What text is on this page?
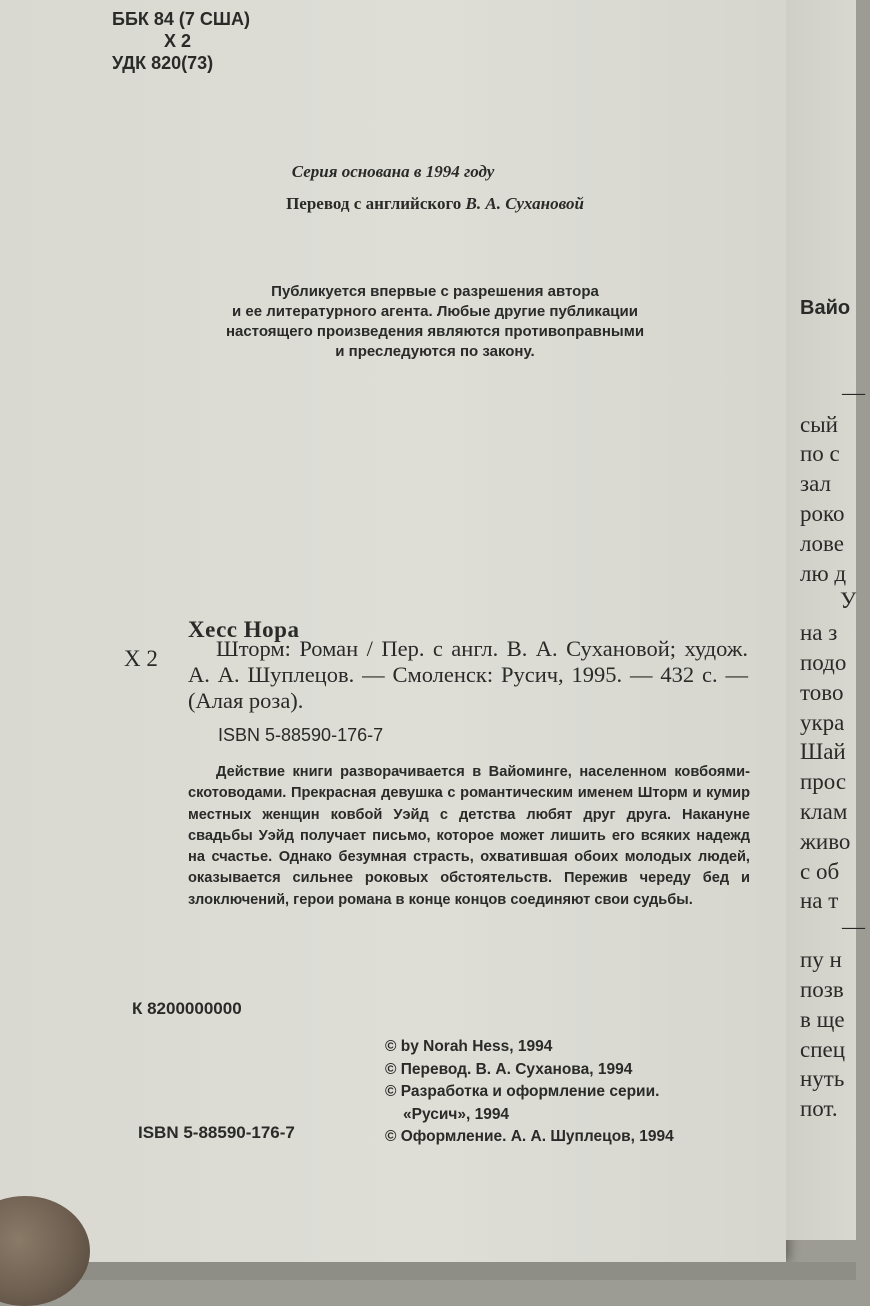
ББК 84 (7 США)
Х 2
УДК 820(73)
Серия основана в 1994 году
Перевод с английского В. А. Сухановой
Публикуется впервые с разрешения автора
и ее литературного агента. Любые другие публикации
настоящего произведения являются противоправными
и преследуются по закону.
Хесс Нора
Х 2	Шторм: Роман / Пер. с англ. В. А. Сухановой; худож. А. А. Шуплецов. — Смоленск: Русич, 1995. — 432 с. — (Алая роза).
ISBN 5-88590-176-7
Действие книги разворачивается в Вайоминге, населенном ковбоями-скотоводами. Прекрасная девушка с романтическим именем Шторм и кумир местных женщин ковбой Уэйд с детства любят друг друга. Накануне свадьбы Уэйд получает письмо, которое может лишить его всяких надежд на счастье. Однако безумная страсть, охватившая обоих молодых людей, оказывается сильнее роковых обстоятельств. Пережив череду бед и злоключений, герои романа в конце концов соединяют свои судьбы.
К 8200000000
© by Norah Hess, 1994
© Перевод. В. А. Суханова, 1994
© Разработка и оформление серии.
«Русич», 1994
© Оформление. А. А. Шуплецов, 1994
ISBN 5-88590-176-7
Вайо
—
сый
по с
зал
роко
лове
лю д
У
на з
подо
тово
укра
Шай
прос
клам
живо
с об
на т
—
пу н
позв
в ще
спец
нуть
пот.
